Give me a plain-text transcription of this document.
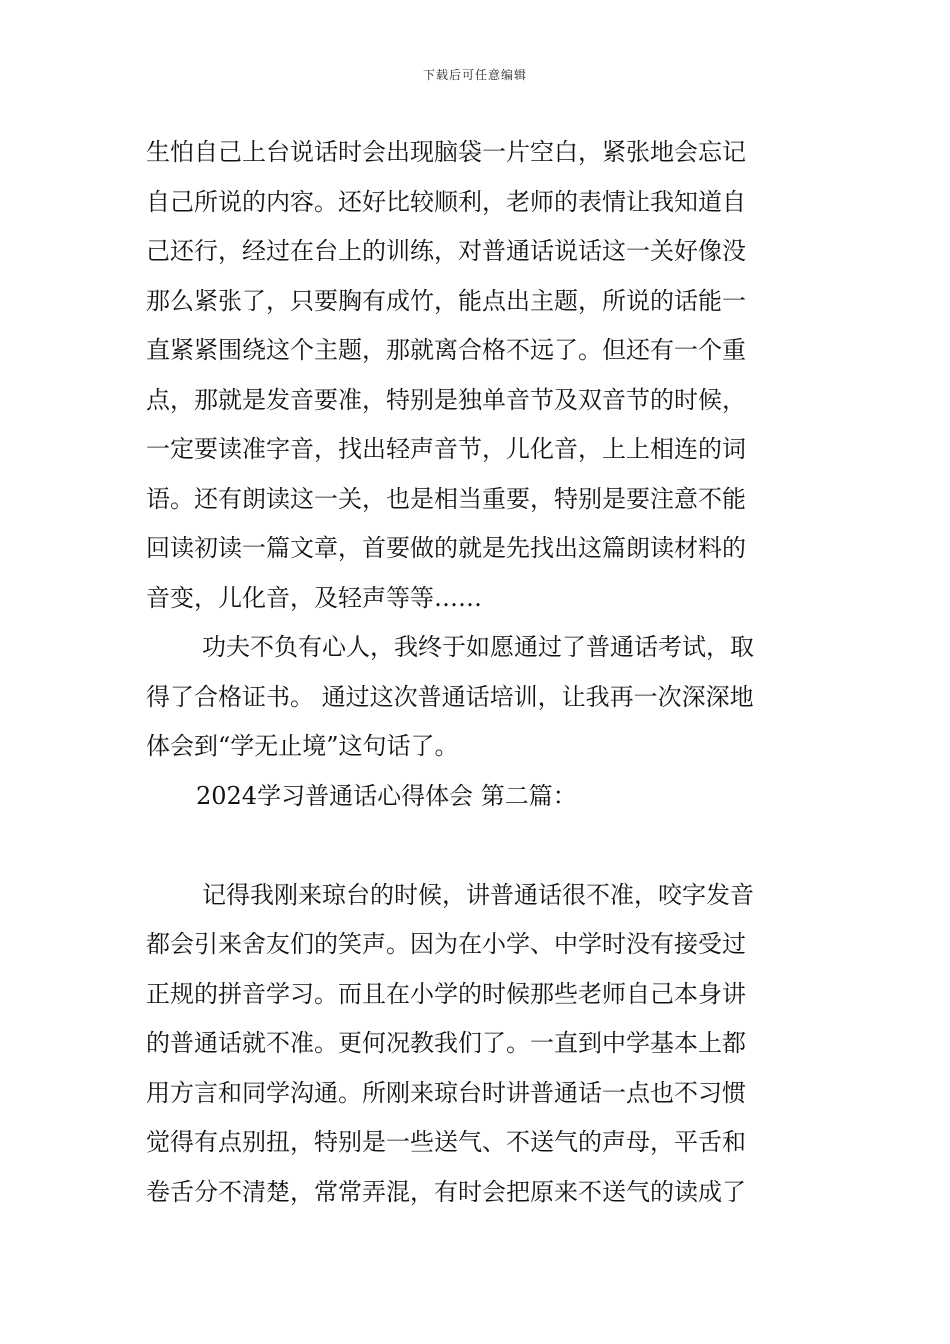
下载后可任意编辑
生怕自己上台说话时会出现脑袋一片空白，紧张地会忘记
自己所说的内容。还好比较顺利，老师的表情让我知道自
己还行，经过在台上的训练，对普通话说话这一关好像没
那么紧张了，只要胸有成竹，能点出主题，所说的话能一
直紧紧围绕这个主题，那就离合格不远了。但还有一个重
点，那就是发音要准，特别是独单音节及双音节的时候，
一定要读准字音，找出轻声音节，儿化音，上上相连的词
语。还有朗读这一关，也是相当重要，特别是要注意不能
回读初读一篇文章，首要做的就是先找出这篇朗读材料的
音变，儿化音，及轻声等等……
功夫不负有心人，我终于如愿通过了普通话考试，取
得了合格证书。 通过这次普通话培训，让我再一次深深地
体会到“学无止境”这句话了。
2024学习普通话心得体会 第二篇：
记得我刚来琼台的时候，讲普通话很不准，咬字发音
都会引来舍友们的笑声。因为在小学、中学时没有接受过
正规的拼音学习。而且在小学的时候那些老师自己本身讲
的普通话就不准。更何况教我们了。一直到中学基本上都
用方言和同学沟通。所刚来琼台时讲普通话一点也不习惯
觉得有点别扭，特别是一些送气、不送气的声母，平舌和
卷舌分不清楚，常常弄混，有时会把原来不送气的读成了
